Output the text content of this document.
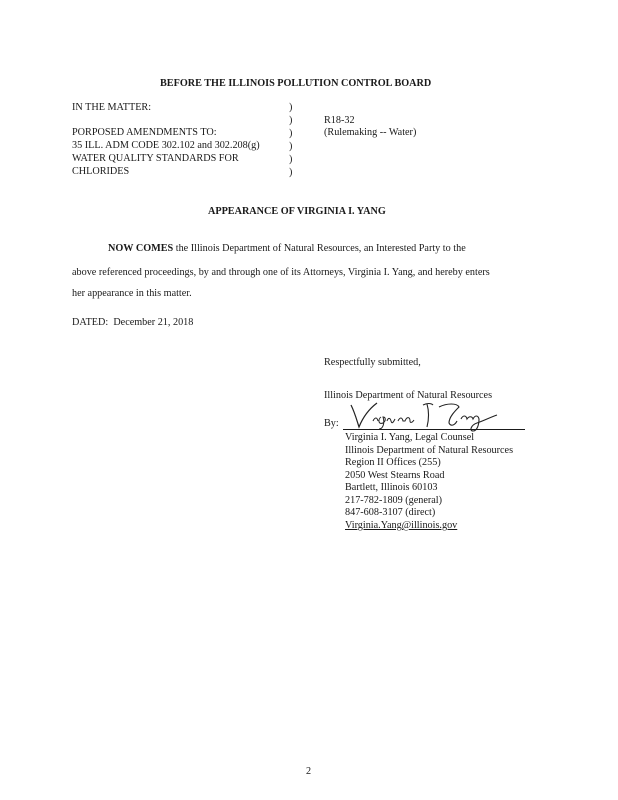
BEFORE THE ILLINOIS POLLUTION CONTROL BOARD
IN THE MATTER:
PORPOSED AMENDMENTS TO:
35 ILL. ADM CODE 302.102 and 302.208(g)
WATER QUALITY STANDARDS FOR
CHLORIDES
)
)
)
)
)
)
R18-32
(Rulemaking -- Water)
APPEARANCE OF VIRGINIA I. YANG
NOW COMES the Illinois Department of Natural Resources, an Interested Party to the
above referenced proceedings, by and through one of its Attorneys, Virginia I. Yang, and hereby enters
her appearance in this matter.
DATED: December 21, 2018
Respectfully submitted,
Illinois Department of Natural Resources
By:
Virginia I. Yang, Legal Counsel
Illinois Department of Natural Resources
Region II Offices (255)
2050 West Stearns Road
Bartlett, Illinois 60103
217-782-1809 (general)
847-608-3107 (direct)
Virginia.Yang@illinois.gov
2
